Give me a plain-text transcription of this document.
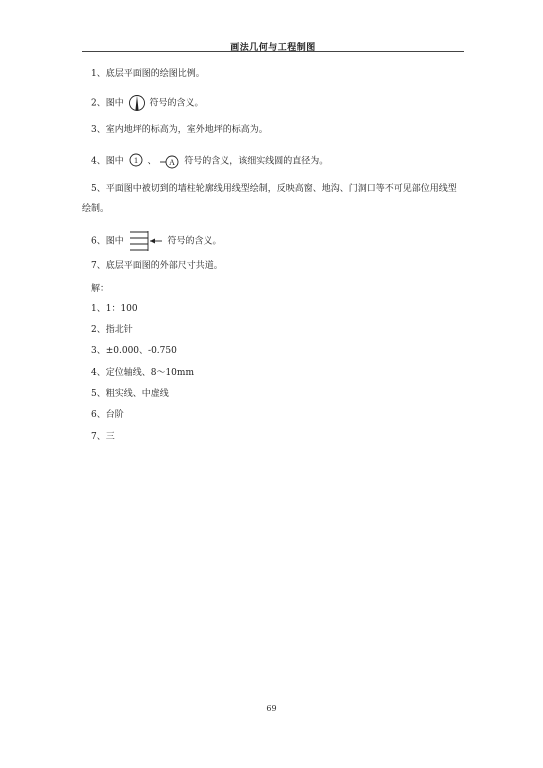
画法几何与工程制图
1、底层平面图的绘图比例。
2、图中	符号的含义。
3、室内地坪的标高为，室外地坪的标高为。
4、图中 1 、 A 符号的含义，该细实线圆的直径为。
5、平面图中被切到的墙柱轮廓线用线型绘制，反映高窗、地沟、门洞口等不可见部位用线型绘制。
6、图中	符号的含义。
7、底层平面图的外部尺寸共道。
解：
1、1：100
2、指北针
3、±0.000、-0.750
4、定位轴线、8～10mm
5、粗实线、中虚线
6、台阶
7、三
69
